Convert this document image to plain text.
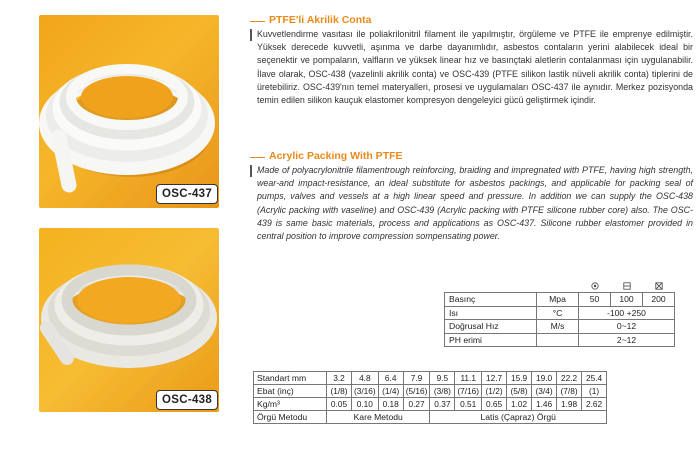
OSC-437
OSC-438
PTFE'li Akrilik Conta
Kuvvetlendirme vasıtası ile poliakrilonitril filament ile yapılmıştır, örgüleme ve PTFE ile emprenye edilmiştir. Yüksek derecede kuvvetli, aşınma ve darbe dayanımlıdır, asbestos contaların yerini alabilecek ideal bir seçenektir ve pompaların, valfların ve yüksek linear hız ve basınçtaki aletlerin contalanması için uygulanabilir. İlave olarak, OSC-438 (vazelinli akrilik conta) ve OSC-439 (PTFE silikon lastik nüveli akrilik conta) tiplerini de üretebiliriz. OSC-439'nın temel materyalleri, prosesi ve uygulamaları OSC-437 ile aynıdır. Merkez pozisyonda temin edilen silikon kauçuk elastomer kompresyon dengeleyici gücü geliştirmek içindir.
Acrylic Packing With PTFE
Made of polyacrylonitrile filamentrough reinforcing, braiding and impregnated with PTFE, having high strength, wear-and impact-resistance, an ideal substitute for asbestos packings, and applicable for packing seal of pumps, valves and vessels at a high linear speed and pressure. In addition we can supply the OSC-438 (Acrylic packing with vaseline) and OSC-439 (Acrylic packing with PTFE silicone rubber core) also. The OSC-439 is same basic materials, process and applications as OSC-437. Silicone rubber elastomer provided in central position to improve compression sompensating power.

Basınç	Mpa	50	100	200
Isı	°C	-100 +250		
Doğrusal Hız	M/s	0~12		
PH erimi		2~12		
Standart mm	3.2	4.8	6.4	7.9	9.5	11.1	12.7	15.9	19.0	22.2	25.4
Ebat (inç)	(1/8)	(3/16)	(1/4)	(5/16)	(3/8)	(7/16)	(1/2)	(5/8)	(3/4)	(7/8)	(1)
Kg/m³	0.05	0.10	0.18	0.27	0.37	0.51	0.65	1.02	1.46	1.98	2.62
Örgü Metodu	Kare Metodu				Latis (Çapraz) Örgü						
